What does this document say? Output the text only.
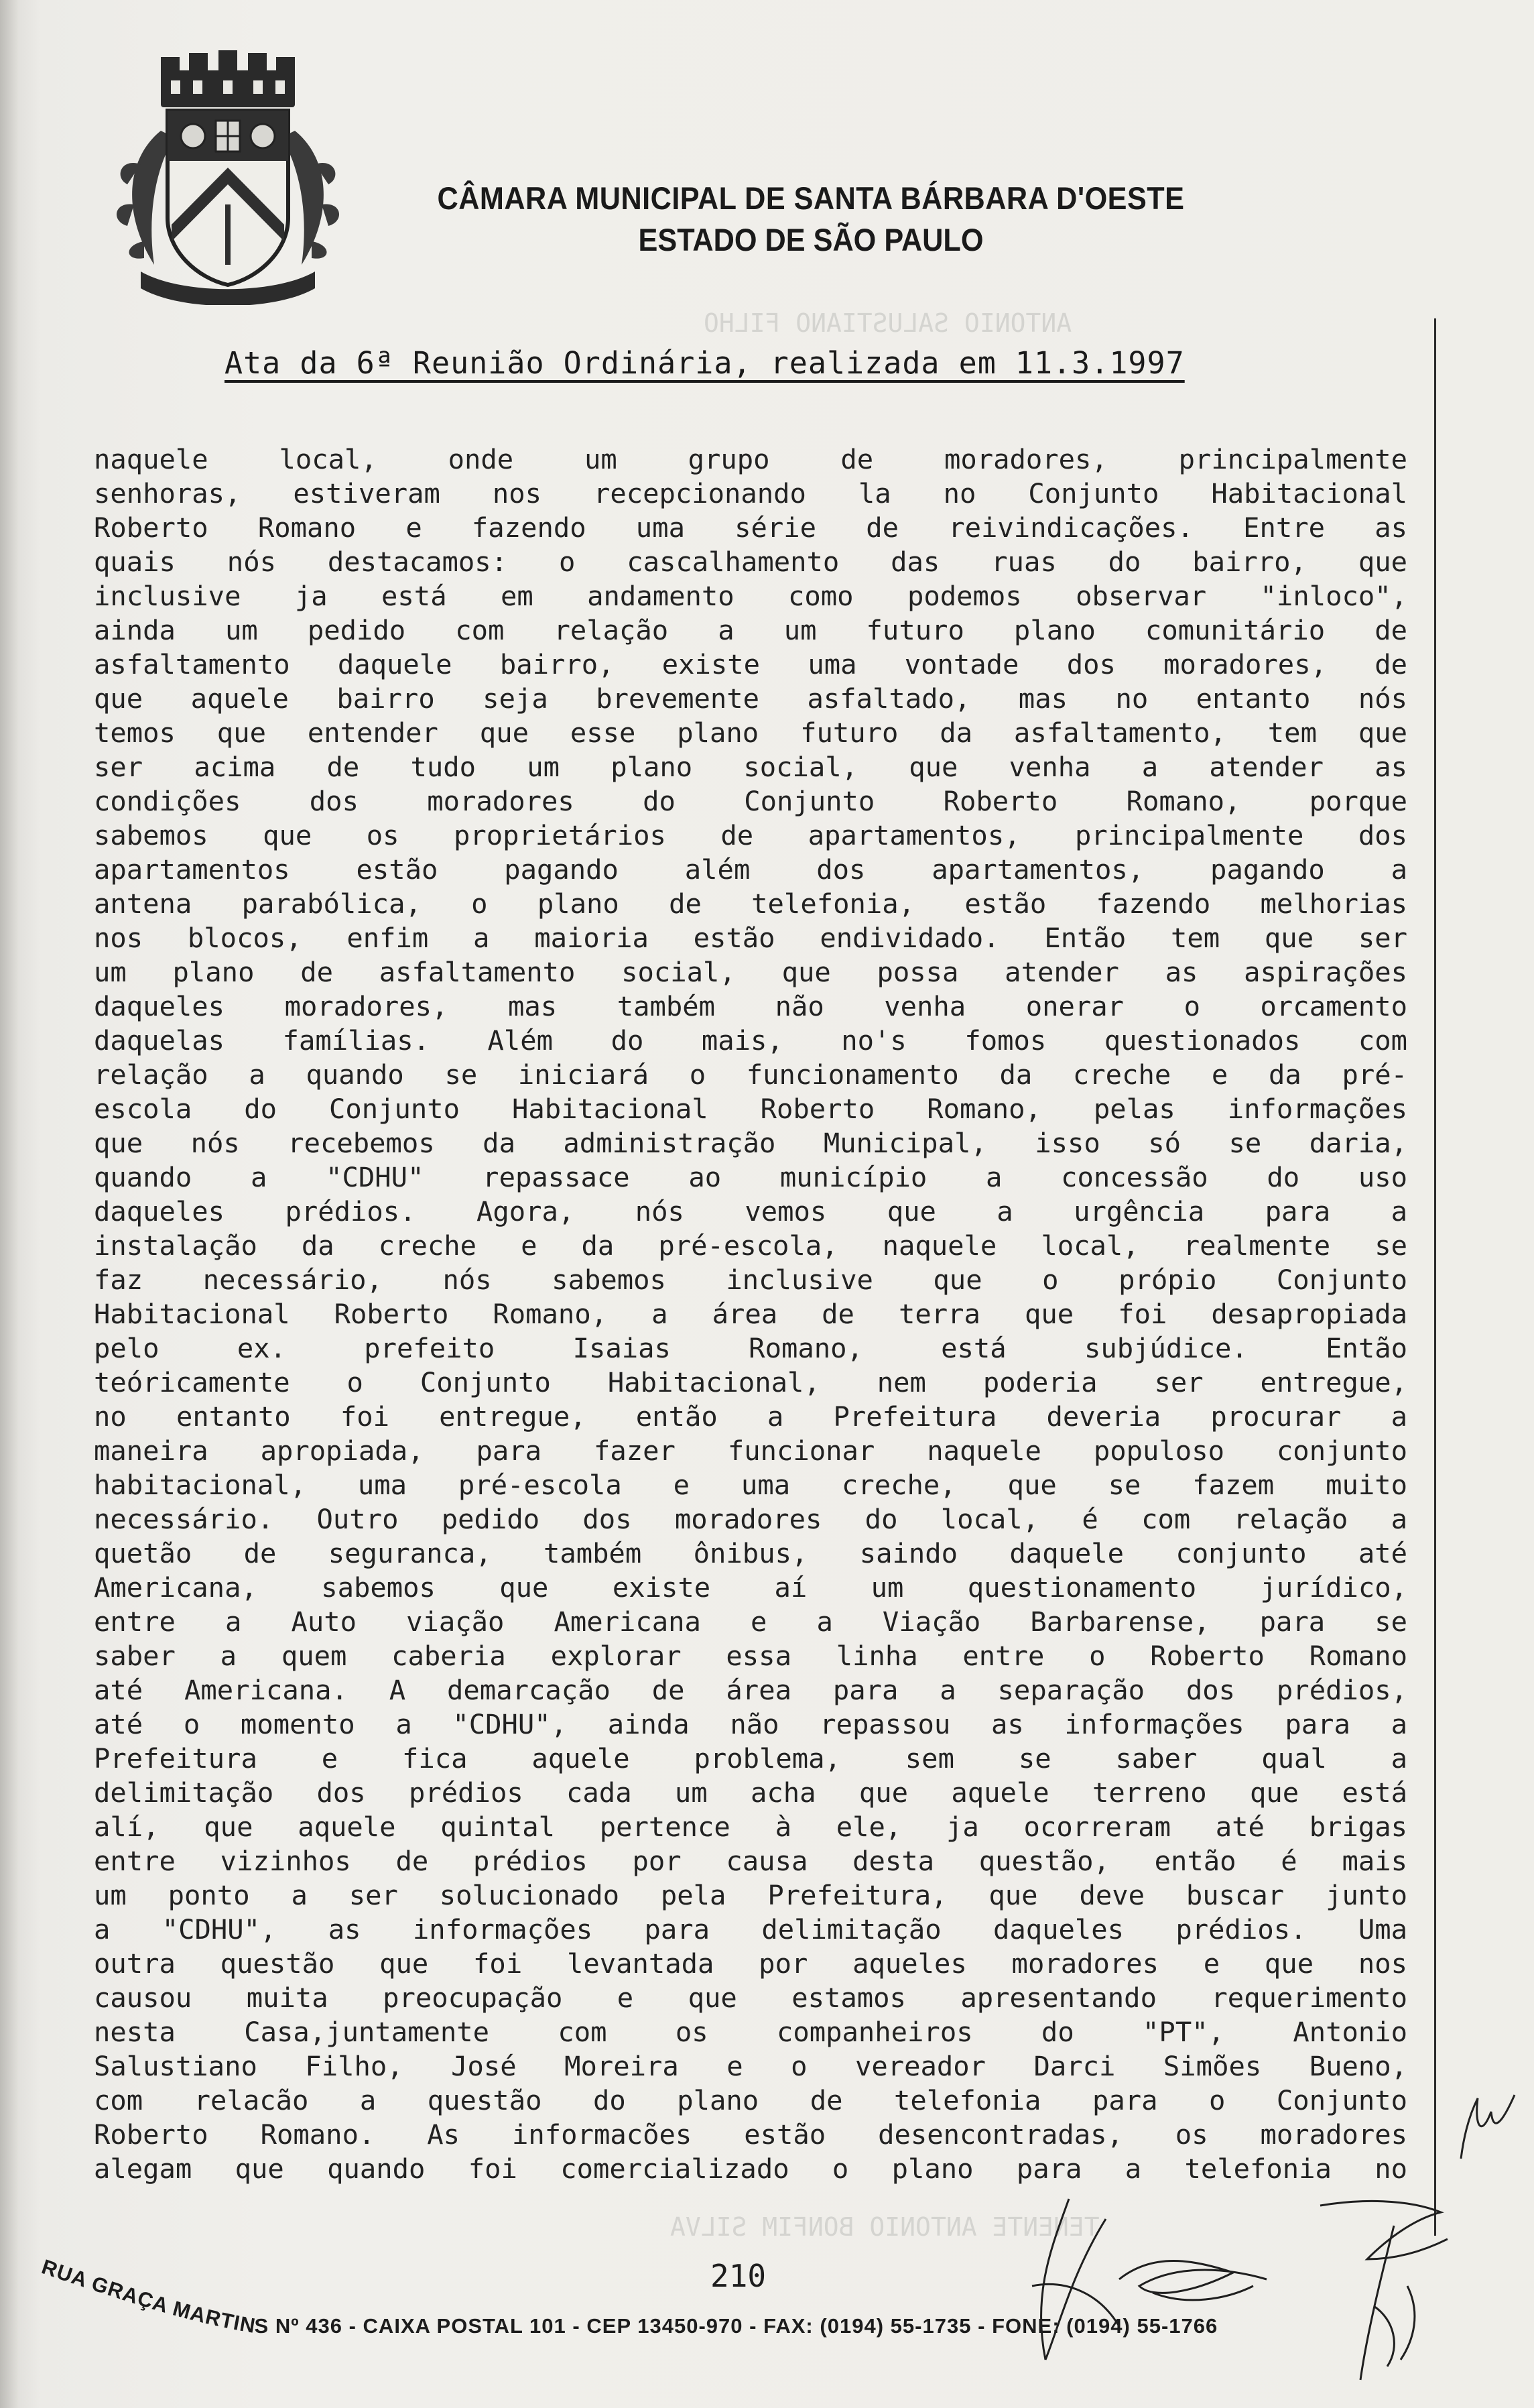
ANTONIO SALUSTIANO FILHO
TENENTE ANTONIO BONFIM SILVA
CÂMARA MUNICIPAL DE SANTA BÁRBARA D'OESTE
ESTADO DE SÃO PAULO
Ata da 6ª Reunião Ordinária, realizada em 11.3.1997
naquele local, onde um grupo de moradores, principalmente
senhoras, estiveram nos recepcionando la no Conjunto Habitacional
Roberto Romano e fazendo uma série de reivindicações. Entre as
quais nós destacamos: o cascalhamento das ruas do bairro, que
inclusive ja está em andamento como podemos observar "inloco",
ainda um pedido com relação a um futuro plano comunitário de
asfaltamento daquele bairro, existe uma vontade dos moradores, de
que aquele bairro seja brevemente asfaltado, mas no entanto nós
temos que entender que esse plano futuro da asfaltamento, tem que
ser acima de tudo um plano social, que venha a atender as
condições dos moradores do Conjunto Roberto Romano, porque
sabemos que os proprietários de apartamentos, principalmente dos
apartamentos estão pagando além dos apartamentos, pagando a
antena parabólica, o plano de telefonia, estão fazendo melhorias
nos blocos, enfim a maioria estão endividado. Então tem que ser
um plano de asfaltamento social, que possa atender as aspirações
daqueles moradores, mas também não venha onerar o orcamento
daquelas famílias. Além do mais, no's fomos questionados com
relação a quando se iniciará o funcionamento da creche e da pré-
escola do Conjunto Habitacional Roberto Romano, pelas informações
que nós recebemos da administração Municipal, isso só se daria,
quando a "CDHU" repassace ao município a concessão do uso
daqueles prédios. Agora, nós vemos que a urgência para a
instalação da creche e da pré-escola, naquele local, realmente se
faz necessário, nós sabemos inclusive que o própio Conjunto
Habitacional Roberto Romano, a área de terra que foi desapropiada
pelo ex. prefeito Isaias Romano, está subjúdice. Então
teóricamente o Conjunto Habitacional, nem poderia ser entregue,
no entanto foi entregue, então a Prefeitura deveria procurar a
maneira apropiada, para fazer funcionar naquele populoso conjunto
habitacional, uma pré-escola e uma creche, que se fazem muito
necessário. Outro pedido dos moradores do local, é com relação a
quetão de seguranca, também ônibus, saindo daquele conjunto até
Americana, sabemos que existe aí um questionamento jurídico,
entre a Auto viação Americana e a Viação Barbarense, para se
saber a quem caberia explorar essa linha entre o Roberto Romano
até Americana. A demarcação de área para a separação dos prédios,
até o momento a "CDHU", ainda não repassou as informações para a
Prefeitura e fica aquele problema, sem se saber qual a
delimitação dos prédios cada um acha que aquele terreno que está
alí, que aquele quintal pertence à ele, ja ocorreram até brigas
entre vizinhos de prédios por causa desta questão, então é mais
um ponto a ser solucionado pela Prefeitura, que deve buscar junto
a "CDHU", as informações para delimitação daqueles prédios. Uma
outra questão que foi levantada por aqueles moradores e que nos
causou muita preocupação e que estamos apresentando requerimento
nesta Casa,juntamente com os companheiros do "PT", Antonio
Salustiano Filho, José Moreira e o vereador Darci Simões Bueno,
com relacão a questão do plano de telefonia para o Conjunto
Roberto Romano. As informacões estão desencontradas, os moradores
alegam que quando foi comercializado o plano para a telefonia no
210
RUA GRAÇA MARTINS Nº 436 - CAIXA POSTAL 101 - CEP 13450-970 - FAX: (0194) 55-1735 - FONE: (0194) 55-1766
